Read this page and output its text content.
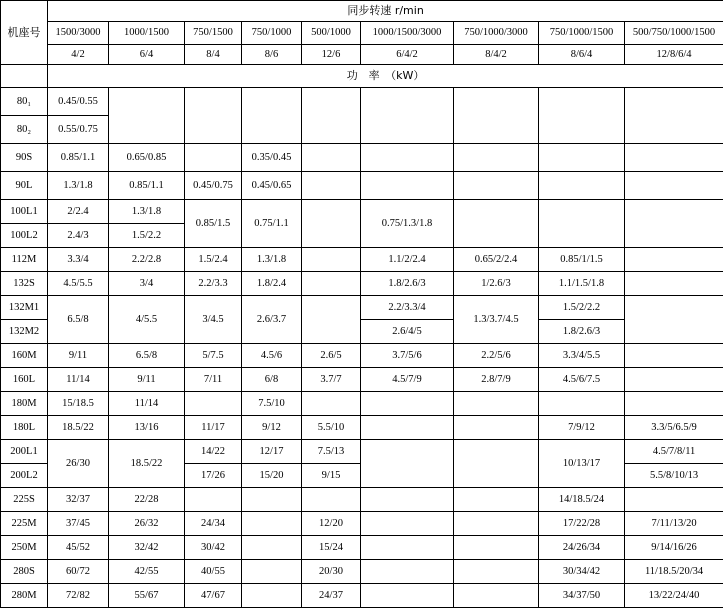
机座号	同步转速 r/min								
	1500/3000	1000/1500	750/1500	750/1000	500/1000	1000/1500/3000	750/1000/3000	750/1000/1500	500/750/1000/1500
	4/2	6/4	8/4	8/6	12/6	6/4/2	8/4/2	8/6/4	12/8/6/4
	功　率　（kW）								
80₁	0.45/0.55								
80₂	0.55/0.75								
90S	0.85/1.1	0.65/0.85		0.35/0.45					
90L	1.3/1.8	0.85/1.1	0.45/0.75	0.45/0.65					
100L1	2/2.4	1.3/1.8	0.85/1.5	0.75/1.1		0.75/1.3/1.8			
100L2	2.4/3	1.5/2.2							
112M	3.3/4	2.2/2.8	1.5/2.4	1.3/1.8		1.1/2/2.4	0.65/2/2.4	0.85/1/1.5	
132S	4.5/5.5	3/4	2.2/3.3	1.8/2.4		1.8/2.6/3	1/2.6/3	1.1/1.5/1.8	
132M1	6.5/8	4/5.5	3/4.5	2.6/3.7		2.2/3.3/4	1.3/3.7/4.5	1.5/2/2.2	
132M2						2.6/4/5		1.8/2.6/3	
160M	9/11	6.5/8	5/7.5	4.5/6	2.6/5	3.7/5/6	2.2/5/6	3.3/4/5.5	
160L	11/14	9/11	7/11	6/8	3.7/7	4.5/7/9	2.8/7/9	4.5/6/7.5	
180M	15/18.5	11/14		7.5/10					
180L	18.5/22	13/16	11/17	9/12	5.5/10			7/9/12	3.3/5/6.5/9
200L1	26/30	18.5/22	14/22	12/17	7.5/13			10/13/17	4.5/7/8/11
200L2			17/26	15/20	9/15				5.5/8/10/13
225S	32/37	22/28						14/18.5/24	
225M	37/45	26/32	24/34		12/20			17/22/28	7/11/13/20
250M	45/52	32/42	30/42		15/24			24/26/34	9/14/16/26
280S	60/72	42/55	40/55		20/30			30/34/42	11/18.5/20/34
280M	72/82	55/67	47/67		24/37			34/37/50	13/22/24/40
